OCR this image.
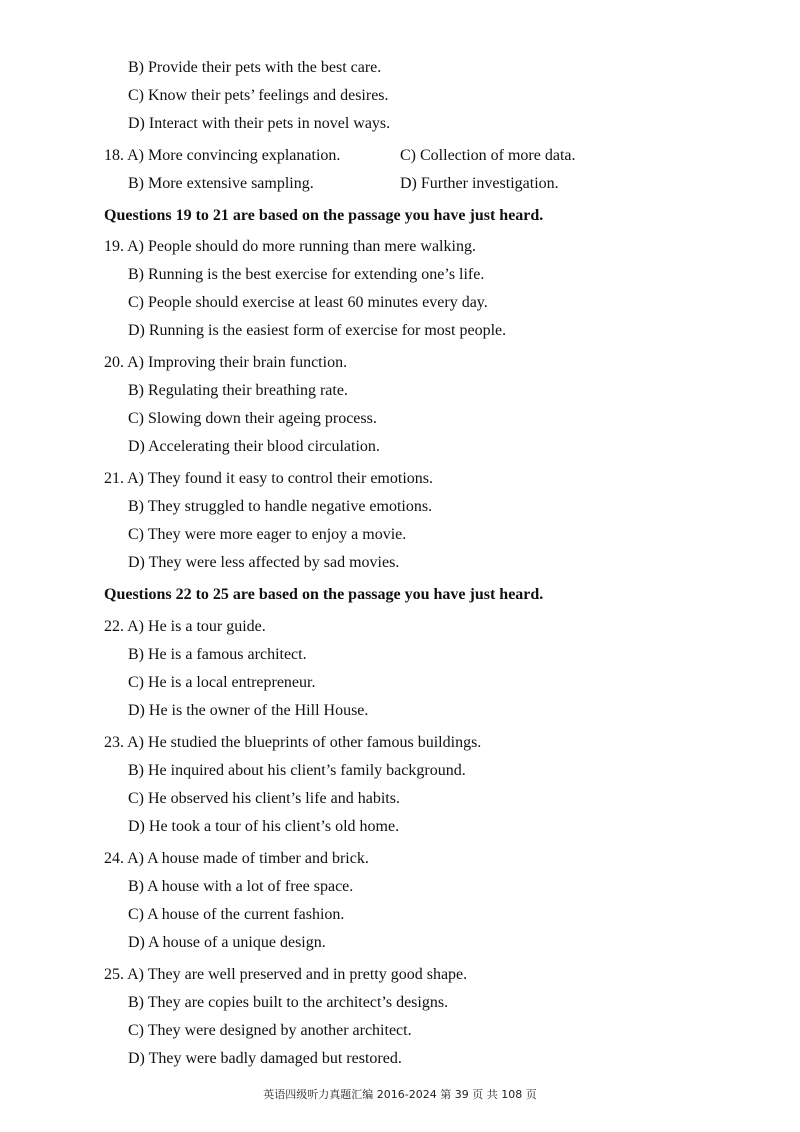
B) Provide their pets with the best care.
C) Know their pets’ feelings and desires.
D) Interact with their pets in novel ways.
18. A) More convincing explanation.	C) Collection of more data.
B) More extensive sampling.	D) Further investigation.
Questions 19 to 21 are based on the passage you have just heard.
19. A) People should do more running than mere walking.
B) Running is the best exercise for extending one’s life.
C) People should exercise at least 60 minutes every day.
D) Running is the easiest form of exercise for most people.
20. A) Improving their brain function.
B) Regulating their breathing rate.
C) Slowing down their ageing process.
D) Accelerating their blood circulation.
21. A) They found it easy to control their emotions.
B) They struggled to handle negative emotions.
C) They were more eager to enjoy a movie.
D) They were less affected by sad movies.
Questions 22 to 25 are based on the passage you have just heard.
22. A) He is a tour guide.
B) He is a famous architect.
C) He is a local entrepreneur.
D) He is the owner of the Hill House.
23. A) He studied the blueprints of other famous buildings.
B) He inquired about his client’s family background.
C) He observed his client’s life and habits.
D) He took a tour of his client’s old home.
24. A) A house made of timber and brick.
B) A house with a lot of free space.
C) A house of the current fashion.
D) A house of a unique design.
25. A) They are well preserved and in pretty good shape.
B) They are copies built to the architect’s designs.
C) They were designed by another architect.
D) They were badly damaged but restored.
英语四级听力真题汇编 2016-2024 第 39 页 共 108 页
